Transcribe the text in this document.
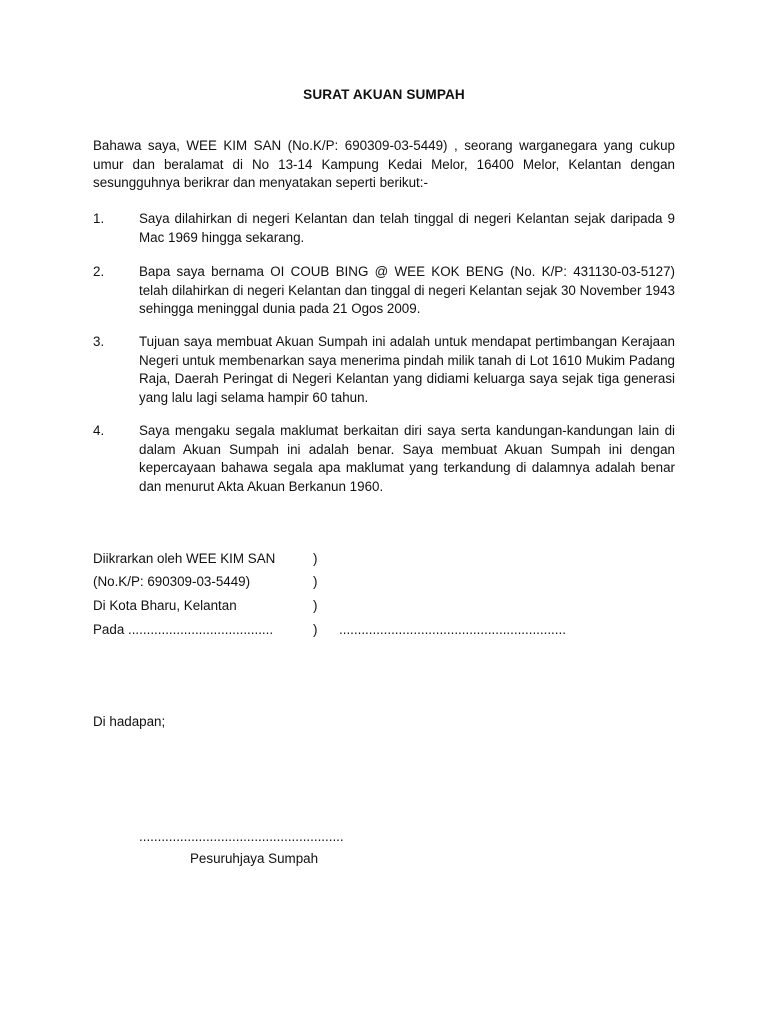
SURAT AKUAN SUMPAH
Bahawa saya, WEE KIM SAN (No.K/P: 690309-03-5449) , seorang warganegara yang cukup umur dan beralamat di No 13-14 Kampung Kedai Melor, 16400 Melor, Kelantan dengan sesungguhnya berikrar dan menyatakan seperti berikut:-
1.	Saya dilahirkan di negeri Kelantan dan telah tinggal di negeri Kelantan sejak daripada 9 Mac 1969 hingga sekarang.
2.	Bapa saya bernama OI COUB BING @ WEE KOK BENG (No. K/P: 431130-03-5127) telah dilahirkan di negeri Kelantan dan tinggal di negeri Kelantan sejak 30 November 1943 sehingga meninggal dunia pada 21 Ogos 2009.
3.	Tujuan saya membuat Akuan Sumpah ini adalah untuk mendapat pertimbangan Kerajaan Negeri untuk membenarkan saya menerima pindah milik tanah di Lot 1610 Mukim Padang Raja, Daerah Peringat di Negeri Kelantan yang didiami keluarga saya sejak tiga generasi yang lalu lagi selama hampir 60 tahun.
4.	Saya mengaku segala maklumat berkaitan diri saya serta kandungan-kandungan lain di dalam Akuan Sumpah ini adalah benar. Saya membuat Akuan Sumpah ini dengan kepercayaan bahawa segala apa maklumat yang terkandung di dalamnya adalah benar dan menurut Akta Akuan Berkanun 1960.
Diikrarkan oleh WEE KIM SAN	)
(No.K/P: 690309-03-5449)	)
Di Kota Bharu, Kelantan	)
Pada .......................................	) .............................................................
Di hadapan;
.......................................................
Pesuruhjaya Sumpah
